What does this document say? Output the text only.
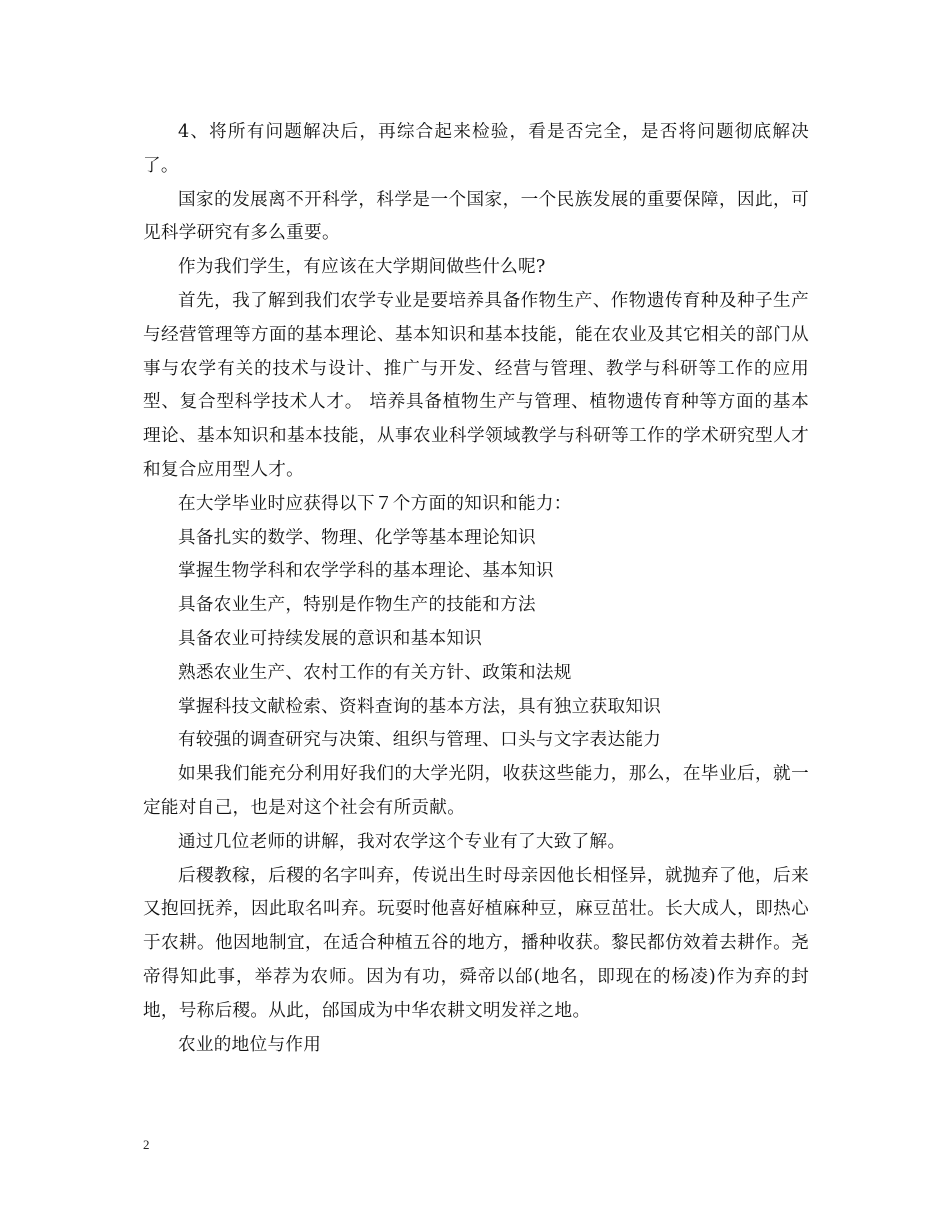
4、将所有问题解决后，再综合起来检验，看是否完全，是否将问题彻底解决了。

国家的发展离不开科学，科学是一个国家，一个民族发展的重要保障，因此，可见科学研究有多么重要。

作为我们学生，有应该在大学期间做些什么呢?

首先，我了解到我们农学专业是要培养具备作物生产、作物遗传育种及种子生产与经营管理等方面的基本理论、基本知识和基本技能，能在农业及其它相关的部门从事与农学有关的技术与设计、推广与开发、经营与管理、教学与科研等工作的应用型、复合型科学技术人才。 培养具备植物生产与管理、植物遗传育种等方面的基本理论、基本知识和基本技能，从事农业科学领域教学与科研等工作的学术研究型人才和复合应用型人才。

在大学毕业时应获得以下７个方面的知识和能力：

具备扎实的数学、物理、化学等基本理论知识

掌握生物学科和农学学科的基本理论、基本知识

具备农业生产，特别是作物生产的技能和方法

具备农业可持续发展的意识和基本知识

熟悉农业生产、农村工作的有关方针、政策和法规

掌握科技文献检索、资料查询的基本方法，具有独立获取知识

有较强的调查研究与决策、组织与管理、口头与文字表达能力

如果我们能充分利用好我们的大学光阴，收获这些能力，那么，在毕业后，就一定能对自己，也是对这个社会有所贡献。

通过几位老师的讲解，我对农学这个专业有了大致了解。

后稷教稼，后稷的名字叫弃，传说出生时母亲因他长相怪异，就抛弃了他，后来又抱回抚养，因此取名叫弃。玩耍时他喜好植麻种豆，麻豆茁壮。长大成人，即热心于农耕。他因地制宜，在适合种植五谷的地方，播种收获。黎民都仿效着去耕作。尧帝得知此事，举荐为农师。因为有功，舜帝以邰(地名，即现在的杨凌)作为弃的封地，号称后稷。从此，邰国成为中华农耕文明发祥之地。

农业的地位与作用

2
